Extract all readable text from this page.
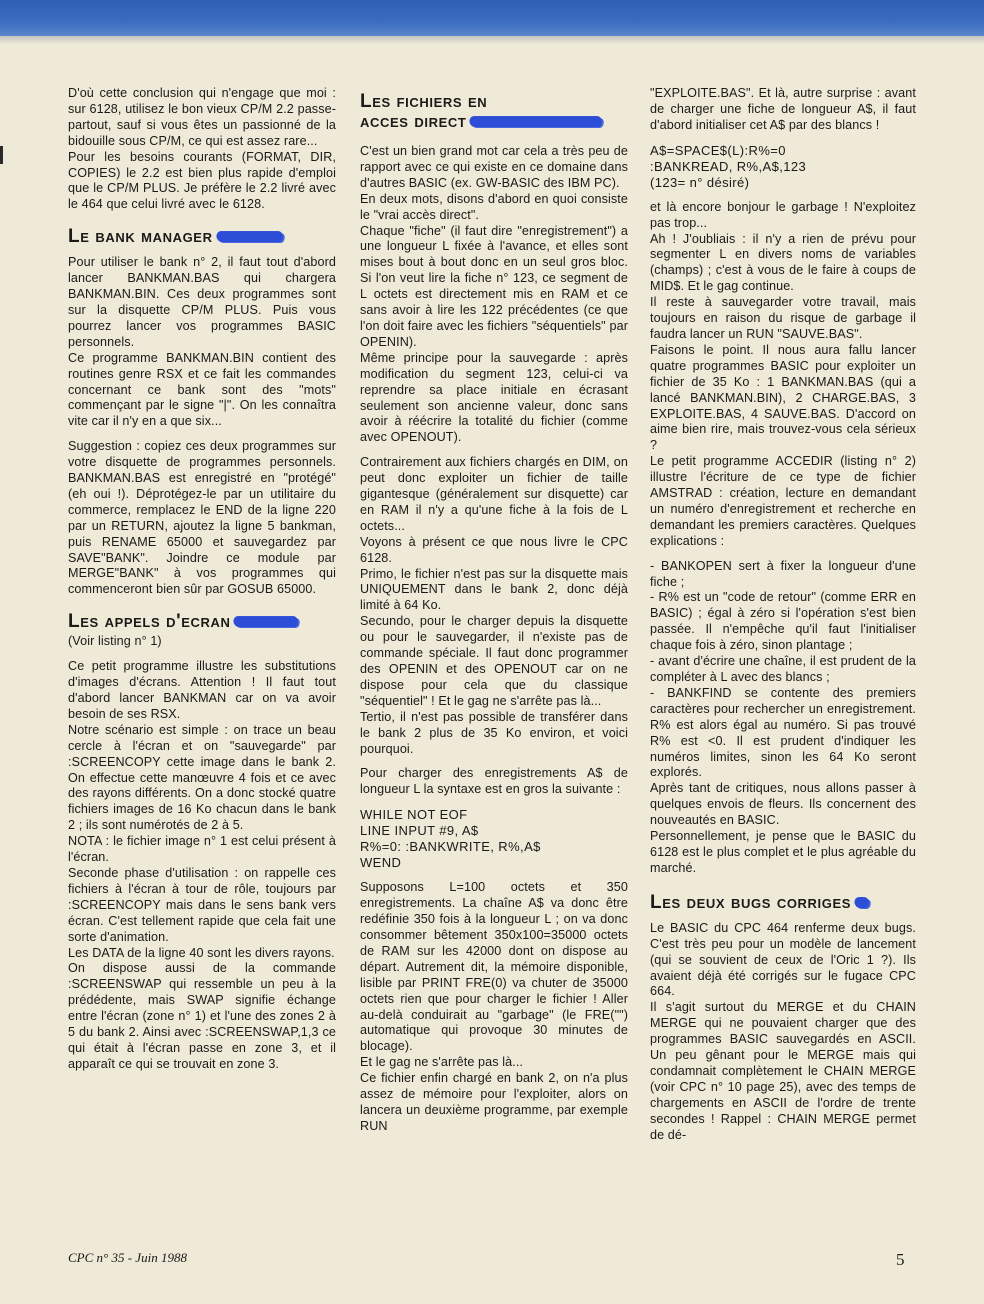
D'où cette conclusion qui n'engage que moi : sur 6128, utilisez le bon vieux CP/M 2.2 passe-partout, sauf si vous êtes un passionné de la bidouille sous CP/M, ce qui est assez rare...

Pour les besoins courants (FORMAT, DIR, COPIES) le 2.2 est bien plus rapide d'emploi que le CP/M PLUS. Je préfère le 2.2 livré avec le 464 que celui livré avec le 6128.

Le bank manager

Pour utiliser le bank n° 2, il faut tout d'abord lancer BANKMAN.BAS qui chargera BANKMAN.BIN. Ces deux programmes sont sur la disquette CP/M PLUS. Puis vous pourrez lancer vos programmes BASIC personnels.

Ce programme BANKMAN.BIN contient des routines genre RSX et ce fait les commandes concernant ce bank sont des "mots" commençant par le signe "|". On les connaîtra vite car il n'y en a que six...

Suggestion : copiez ces deux programmes sur votre disquette de programmes personnels. BANKMAN.BAS est enregistré en "protégé" (eh oui !). Déprotégez-le par un utilitaire du commerce, remplacez le END de la ligne 220 par un RETURN, ajoutez la ligne 5 bankman, puis RENAME 65000 et sauvegardez par SAVE"BANK". Joindre ce module par MERGE"BANK" à vos programmes qui commenceront bien sûr par GOSUB 65000.

Les appels d'ecran

(Voir listing n° 1)

Ce petit programme illustre les substitutions d'images d'écrans. Attention ! Il faut tout d'abord lancer BANKMAN car on va avoir besoin de ses RSX.

Notre scénario est simple : on trace un beau cercle à l'écran et on "sauvegarde" par :SCREENCOPY cette image dans le bank 2. On effectue cette manœuvre 4 fois et ce avec des rayons différents. On a donc stocké quatre fichiers images de 16 Ko chacun dans le bank 2 ; ils sont numérotés de 2 à 5.

NOTA : le fichier image n° 1 est celui présent à l'écran.

Seconde phase d'utilisation : on rappelle ces fichiers à l'écran à tour de rôle, toujours par :SCREENCOPY mais dans le sens bank vers écran. C'est tellement rapide que cela fait une sorte d'animation.

Les DATA de la ligne 40 sont les divers rayons.

On dispose aussi de la commande :SCREENSWAP qui ressemble un peu à la prédédente, mais SWAP signifie échange entre l'écran (zone n° 1) et l'une des zones 2 à 5 du bank 2. Ainsi avec :SCREENSWAP,1,3 ce qui était à l'écran passe en zone 3, et il apparaît ce qui se trouvait en zone 3.

Les fichiers en
acces direct

C'est un bien grand mot car cela a très peu de rapport avec ce qui existe en ce domaine dans d'autres BASIC (ex. GW-BASIC des IBM PC).

En deux mots, disons d'abord en quoi consiste le "vrai accès direct".

Chaque "fiche" (il faut dire "enregistrement") a une longueur L fixée à l'avance, et elles sont mises bout à bout donc en un seul gros bloc. Si l'on veut lire la fiche n° 123, ce segment de L octets est directement mis en RAM et ce sans avoir à lire les 122 précédentes (ce que l'on doit faire avec les fichiers "séquentiels" par OPENIN).

Même principe pour la sauvegarde : après modification du segment 123, celui-ci va reprendre sa place initiale en écrasant seulement son ancienne valeur, donc sans avoir à réécrire la totalité du fichier (comme avec OPENOUT).

Contrairement aux fichiers chargés en DIM, on peut donc exploiter un fichier de taille gigantesque (généralement sur disquette) car en RAM il n'y a qu'une fiche à la fois de L octets...

Voyons à présent ce que nous livre le CPC 6128.

Primo, le fichier n'est pas sur la disquette mais UNIQUEMENT dans le bank 2, donc déjà limité à 64 Ko.

Secundo, pour le charger depuis la disquette ou pour le sauvegarder, il n'existe pas de commande spéciale. Il faut donc programmer des OPENIN et des OPENOUT car on ne dispose pour cela que du classique "séquentiel" ! Et le gag ne s'arrête pas là...

Tertio, il n'est pas possible de transférer dans le bank 2 plus de 35 Ko environ, et voici pourquoi.

Pour charger des enregistrements A$ de longueur L la syntaxe est en gros la suivante :

WHILE NOT EOF
LINE INPUT #9, A$
R%=0: :BANKWRITE, R%,A$
WEND

Supposons L=100 octets et 350 enregistrements. La chaîne A$ va donc être redéfinie 350 fois à la longueur L ; on va donc consommer bêtement 350x100=35000 octets de RAM sur les 42000 dont on dispose au départ. Autrement dit, la mémoire disponible, lisible par PRINT FRE(0) va chuter de 35000 octets rien que pour charger le fichier ! Aller au-delà conduirait au "garbage" (le FRE("") automatique qui provoque 30 minutes de blocage).

Et le gag ne s'arrête pas là...

Ce fichier enfin chargé en bank 2, on n'a plus assez de mémoire pour l'exploiter, alors on lancera un deuxième programme, par exemple RUN

"EXPLOITE.BAS". Et là, autre surprise : avant de charger une fiche de longueur A$, il faut d'abord initialiser cet A$ par des blancs !

A$=SPACE$(L):R%=0
:BANKREAD, R%,A$,123
(123= n° désiré)

et là encore bonjour le garbage ! N'exploitez pas trop...

Ah ! J'oubliais : il n'y a rien de prévu pour segmenter L en divers noms de variables (champs) ; c'est à vous de le faire à coups de MID$. Et le gag continue.

Il reste à sauvegarder votre travail, mais toujours en raison du risque de garbage il faudra lancer un RUN "SAUVE.BAS".

Faisons le point. Il nous aura fallu lancer quatre programmes BASIC pour exploiter un fichier de 35 Ko : 1 BANKMAN.BAS (qui a lancé BANKMAN.BIN), 2 CHARGE.BAS, 3 EXPLOITE.BAS, 4 SAUVE.BAS. D'accord on aime bien rire, mais trouvez-vous cela sérieux ?

Le petit programme ACCEDIR (listing n° 2) illustre l'écriture de ce type de fichier AMSTRAD : création, lecture en demandant un numéro d'enregistrement et recherche en demandant les premiers caractères. Quelques explications :

- BANKOPEN sert à fixer la longueur d'une fiche ;

- R% est un "code de retour" (comme ERR en BASIC) ; égal à zéro si l'opération s'est bien passée. Il n'empêche qu'il faut l'initialiser chaque fois à zéro, sinon plantage ;

- avant d'écrire une chaîne, il est prudent de la compléter à L avec des blancs ;

- BANKFIND se contente des premiers caractères pour rechercher un enregistrement. R% est alors égal au numéro. Si pas trouvé R% est <0. Il est prudent d'indiquer les numéros limites, sinon les 64 Ko seront explorés.

Après tant de critiques, nous allons passer à quelques envois de fleurs. Ils concernent des nouveautés en BASIC.

Personnellement, je pense que le BASIC du 6128 est le plus complet et le plus agréable du marché.

Les deux bugs corriges

Le BASIC du CPC 464 renferme deux bugs. C'est très peu pour un modèle de lancement (qui se souvient de ceux de l'Oric 1 ?). Ils avaient déjà été corrigés sur le fugace CPC 664.

Il s'agit surtout du MERGE et du CHAIN MERGE qui ne pouvaient charger que des programmes BASIC sauvegardés en ASCII. Un peu gênant pour le MERGE mais qui condamnait complètement le CHAIN MERGE (voir CPC n° 10 page 25), avec des temps de chargements en ASCII de l'ordre de trente secondes ! Rappel : CHAIN MERGE permet de dé-

CPC n° 35 - Juin 1988	5
